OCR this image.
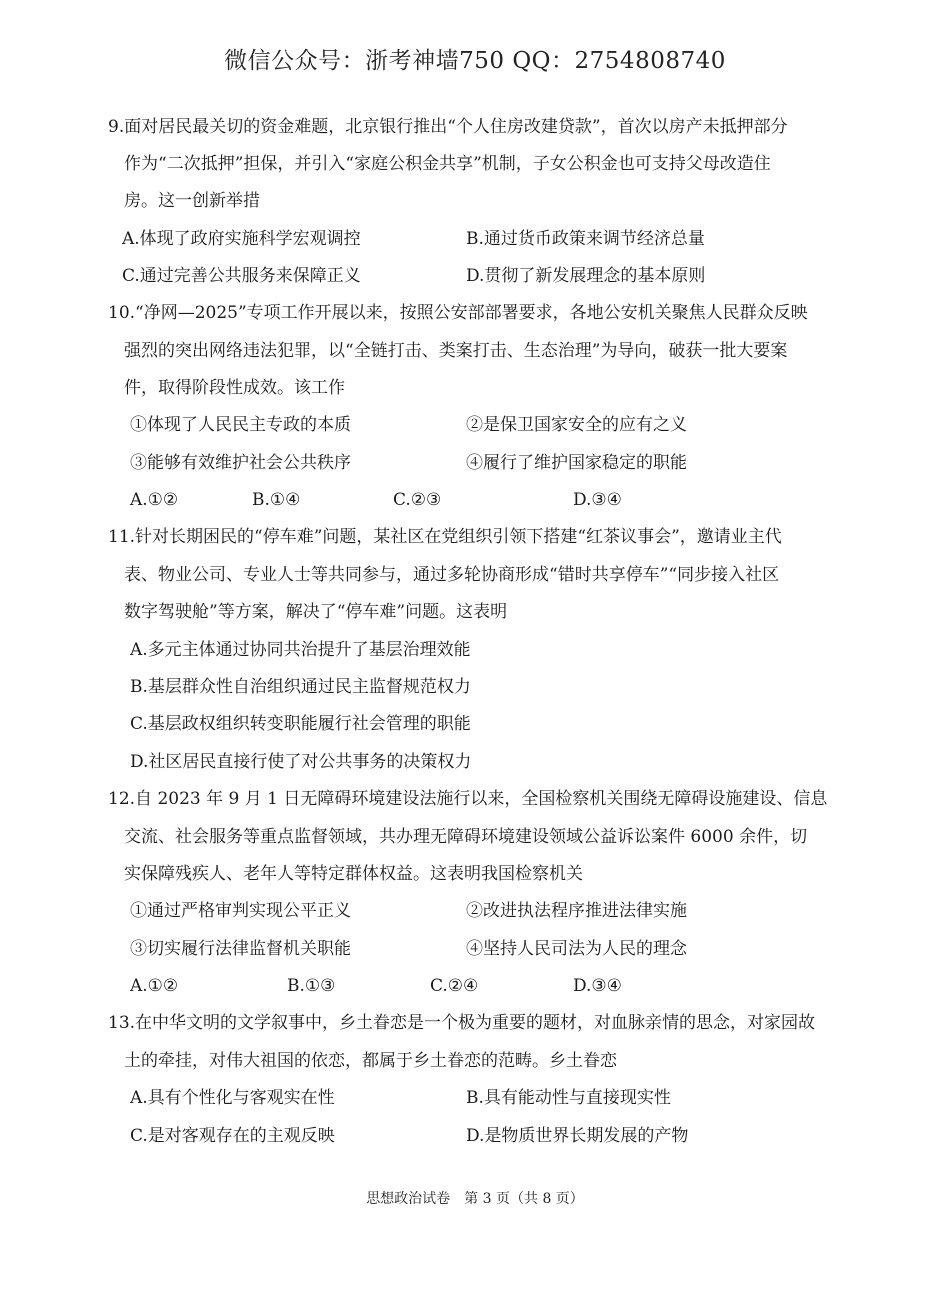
微信公众号：浙考神墙750 QQ：2754808740
9.面对居民最关切的资金难题，北京银行推出“个人住房改建贷款”，首次以房产未抵押部分
作为“二次抵押”担保，并引入“家庭公积金共享”机制，子女公积金也可支持父母改造住
房。这一创新举措
A.体现了政府实施科学宏观调控	B.通过货币政策来调节经济总量
C.通过完善公共服务来保障正义	D.贯彻了新发展理念的基本原则
10.“净网—2025”专项工作开展以来，按照公安部部署要求，各地公安机关聚焦人民群众反映
强烈的突出网络违法犯罪，以“全链打击、类案打击、生态治理”为导向，破获一批大要案
件，取得阶段性成效。该工作
①体现了人民民主专政的本质	②是保卫国家安全的应有之义
③能够有效维护社会公共秩序	④履行了维护国家稳定的职能
A.①②	B.①④	C.②③	D.③④
11.针对长期困民的“停车难”问题，某社区在党组织引领下搭建“红茶议事会”，邀请业主代
表、物业公司、专业人士等共同参与，通过多轮协商形成“错时共享停车”“同步接入社区
数字驾驶舱”等方案，解决了“停车难”问题。这表明
A.多元主体通过协同共治提升了基层治理效能
B.基层群众性自治组织通过民主监督规范权力
C.基层政权组织转变职能履行社会管理的职能
D.社区居民直接行使了对公共事务的决策权力
12.自 2023 年 9 月 1 日无障碍环境建设法施行以来，全国检察机关围绕无障碍设施建设、信息
交流、社会服务等重点监督领域，共办理无障碍环境建设领域公益诉讼案件 6000 余件，切
实保障残疾人、老年人等特定群体权益。这表明我国检察机关
①通过严格审判实现公平正义	②改进执法程序推进法律实施
③切实履行法律监督机关职能	④坚持人民司法为人民的理念
A.①②	B.①③	C.②④	D.③④
13.在中华文明的文学叙事中，乡土眷恋是一个极为重要的题材，对血脉亲情的思念，对家园故
土的牵挂，对伟大祖国的依恋，都属于乡土眷恋的范畴。乡土眷恋
A.具有个性化与客观实在性	B.具有能动性与直接现实性
C.是对客观存在的主观反映	D.是物质世界长期发展的产物
思想政治试卷　第 3 页（共 8 页）
